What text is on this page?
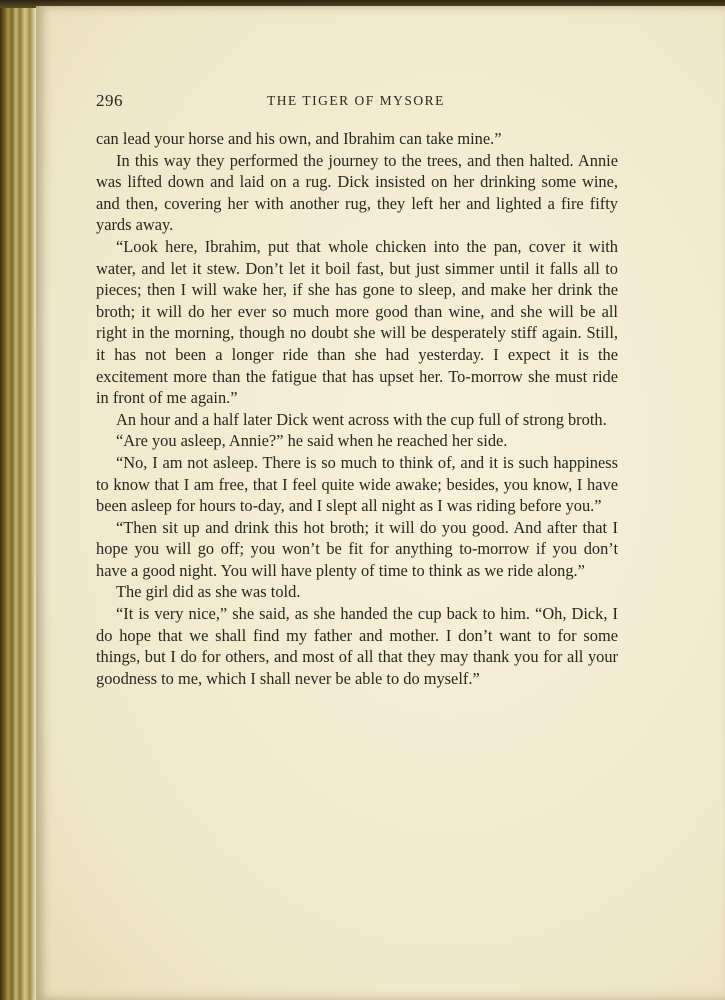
296	THE TIGER OF MYSORE

can lead your horse and his own, and Ibrahim can take mine.”

In this way they performed the journey to the trees, and then halted. Annie was lifted down and laid on a rug. Dick insisted on her drinking some wine, and then, covering her with another rug, they left her and lighted a fire fifty yards away.

“Look here, Ibrahim, put that whole chicken into the pan, cover it with water, and let it stew. Don’t let it boil fast, but just simmer until it falls all to pieces; then I will wake her, if she has gone to sleep, and make her drink the broth; it will do her ever so much more good than wine, and she will be all right in the morning, though no doubt she will be desperately stiff again. Still, it has not been a longer ride than she had yesterday. I expect it is the excitement more than the fatigue that has upset her. To-morrow she must ride in front of me again.”

An hour and a half later Dick went across with the cup full of strong broth.

“Are you asleep, Annie?” he said when he reached her side.

“No, I am not asleep. There is so much to think of, and it is such happiness to know that I am free, that I feel quite wide awake; besides, you know, I have been asleep for hours to-day, and I slept all night as I was riding before you.”

“Then sit up and drink this hot broth; it will do you good. And after that I hope you will go off; you won’t be fit for anything to-morrow if you don’t have a good night. You will have plenty of time to think as we ride along.”

The girl did as she was told.

“It is very nice,” she said, as she handed the cup back to him. “Oh, Dick, I do hope that we shall find my father and mother. I don’t want to for some things, but I do for others, and most of all that they may thank you for all your goodness to me, which I shall never be able to do myself.”
